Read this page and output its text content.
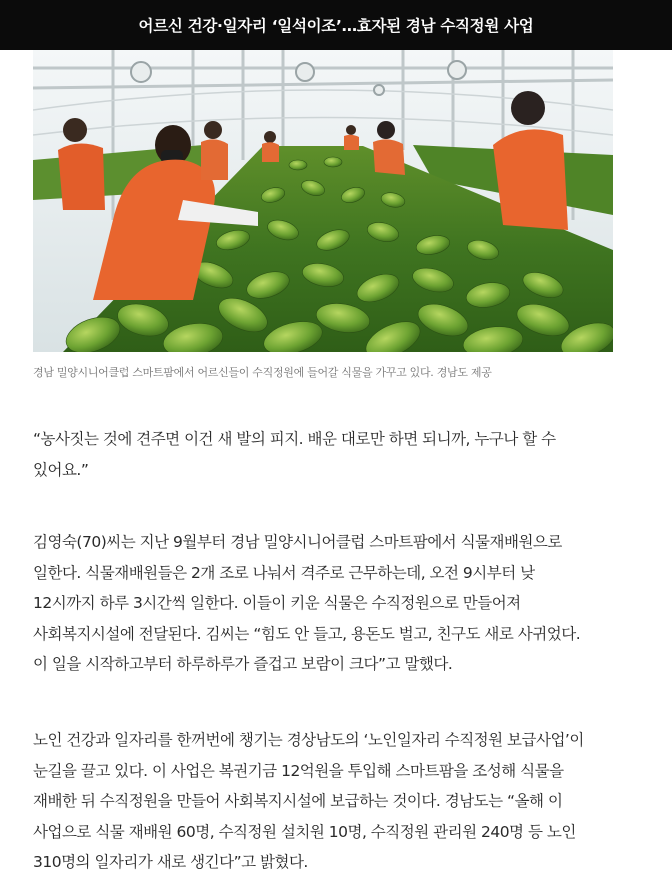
어르신 건강·일자리 ‘일석이조’…효자된 경남 수직정원 사업
경남 밀양시니어클럽 스마트팜에서 어르신들이 수직정원에 들어갈 식물을 가꾸고 있다. 경남도 제공

“농사짓는 것에 견주면 이건 새 발의 피지. 배운 대로만 하면 되니까, 누구나 할 수

있어요.”

김영숙(70)씨는 지난 9월부터 경남 밀양시니어클럽 스마트팜에서 식물재배원으로

일한다. 식물재배원들은 2개 조로 나눠서 격주로 근무하는데, 오전 9시부터 낮

12시까지 하루 3시간씩 일한다. 이들이 키운 식물은 수직정원으로 만들어져

사회복지시설에 전달된다. 김씨는 “힘도 안 들고, 용돈도 벌고, 친구도 새로 사귀었다.

이 일을 시작하고부터 하루하루가 즐겁고 보람이 크다”고 말했다.

노인 건강과 일자리를 한꺼번에 챙기는 경상남도의 ‘노인일자리 수직정원 보급사업’이

눈길을 끌고 있다. 이 사업은 복권기금 12억원을 투입해 스마트팜을 조성해 식물을

재배한 뒤 수직정원을 만들어 사회복지시설에 보급하는 것이다. 경남도는 “올해 이

사업으로 식물 재배원 60명, 수직정원 설치원 10명, 수직정원 관리원 240명 등 노인

310명의 일자리가 새로 생긴다”고 밝혔다.
